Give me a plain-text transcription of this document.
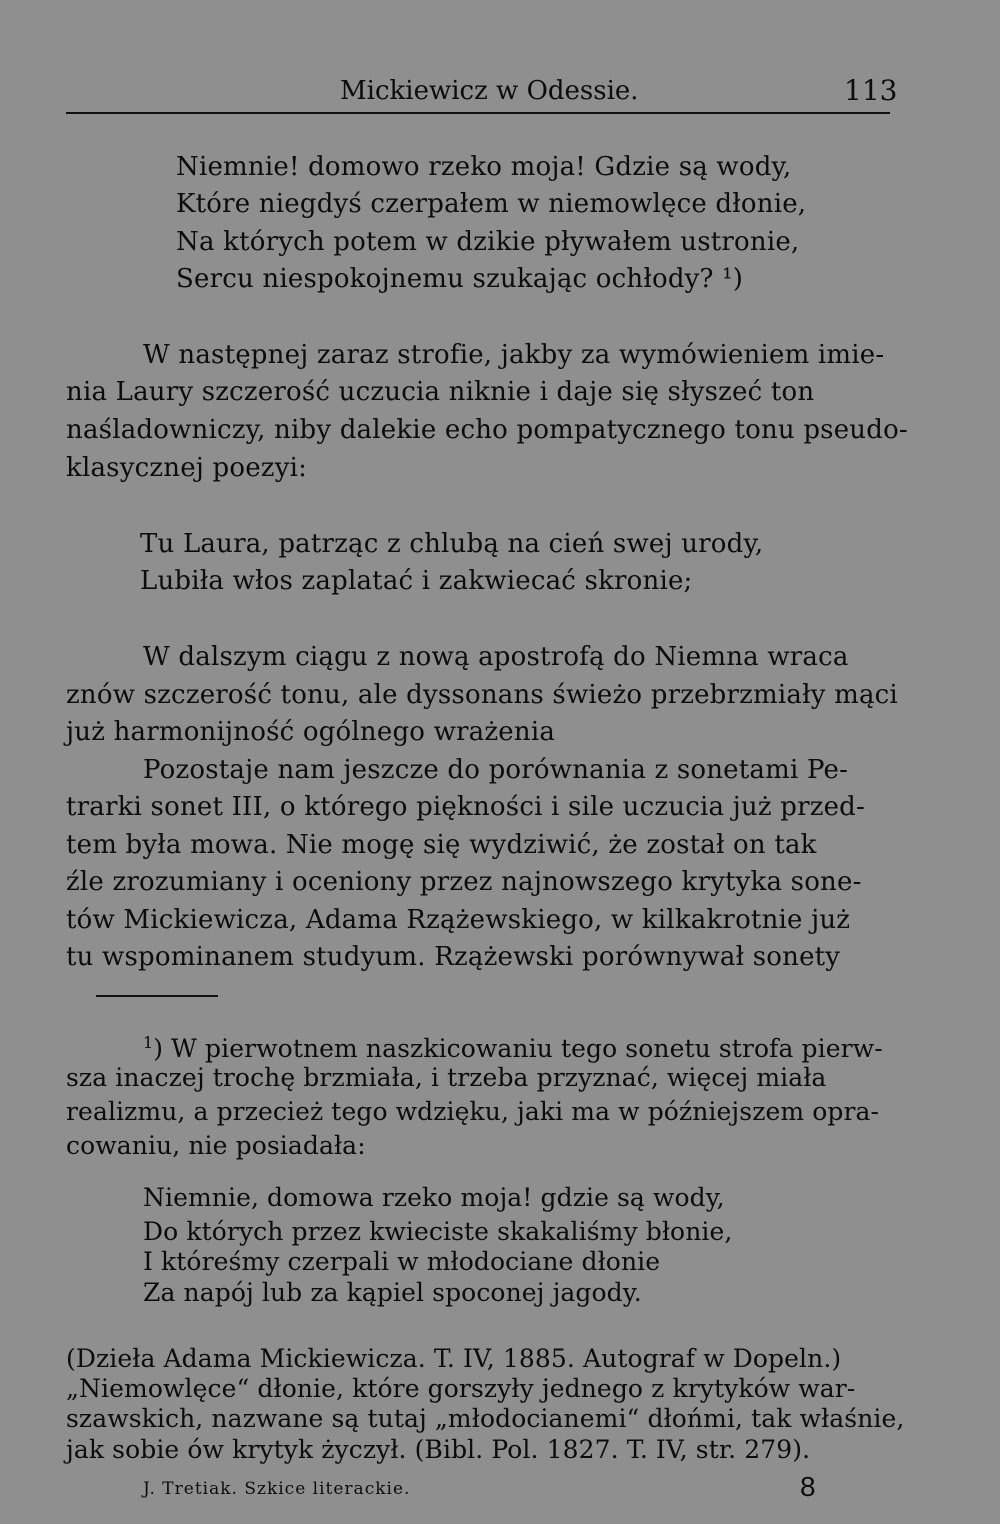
Mickiewicz w Odessie.	113
Niemnie! domowo rzeko moja! Gdzie są wody,
Które niegdyś czerpałem w niemowlęce dłonie,
Na których potem w dzikie pływałem ustronie,
Sercu niespokojnemu szukając ochłody? ¹)
W następnej zaraz strofie, jakby za wymówieniem imie-
nia Laury szczerość uczucia niknie i daje się słyszeć ton
naśladowniczy, niby dalekie echo pompatycznego tonu pseudo-
klasycznej poezyi:
Tu Laura, patrząc z chlubą na cień swej urody,
Lubiła włos zaplatać i zakwiecać skronie;
W dalszym ciągu z nową apostrofą do Niemna wraca
znów szczerość tonu, ale dyssonans świeżo przebrzmiały mąci
już harmonijność ogólnego wrażenia
Pozostaje nam jeszcze do porównania z sonetami Pe-
trarki sonet III, o którego piękności i sile uczucia już przed-
tem była mowa. Nie mogę się wydziwić, że został on tak
źle zrozumiany i oceniony przez najnowszego krytyka sone-
tów Mickiewicza, Adama Rzążewskiego, w kilkakrotnie już
tu wspominanem studyum. Rzążewski porównywał sonety
$^1$) W pierwotnem naszkicowaniu tego sonetu strofa pierw-
sza inaczej trochę brzmiała, i trzeba przyznać, więcej miała
realizmu, a przecież tego wdzięku, jaki ma w późniejszem opra-
cowaniu, nie posiadała:
Niemnie, domowa rzeko moja! gdzie są wody,
Do których przez kwieciste skakaliśmy błonie,
I któreśmy czerpali w młodociane dłonie
Za napój lub za kąpiel spoconej jagody.
(Dzieła Adama Mickiewicza. T. IV, 1885. Autograf w Dopeln.)
„Niemowlęce“ dłonie, które gorszyły jednego z krytyków war-
szawskich, nazwane są tutaj „młodocianemi“ dłońmi, tak właśnie,
jak sobie ów krytyk życzył. (Bibl. Pol. 1827. T. IV, str. 279).
J. Tretiak. Szkice literackie.	8
